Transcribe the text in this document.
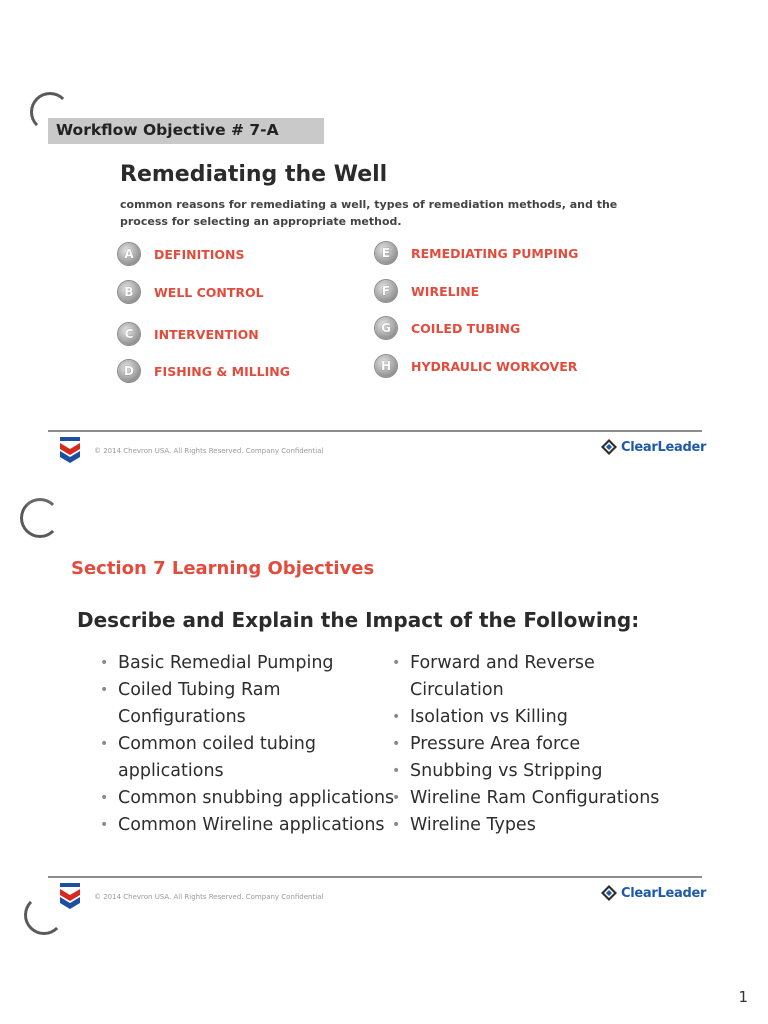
Workflow Objective # 7-A
Remediating the Well
common reasons for remediating a well, types of remediation methods, and the process for selecting an appropriate method.
A	DEFINITIONS
B	WELL CONTROL
C	INTERVENTION
D	FISHING & MILLING
E	REMEDIATING PUMPING
F	WIRELINE
G	COILED TUBING
H	HYDRAULIC WORKOVER
© 2014 Chevron USA. All Rights Reserved. Company Confidential	ClearLeader
Section 7 Learning Objectives
Describe and Explain the Impact of the Following:
• Basic Remedial Pumping
• Coiled Tubing Ram
Configurations
• Common coiled tubing
applications
• Common snubbing applications
• Common Wireline applications
• Forward and Reverse
Circulation
• Isolation vs Killing
• Pressure Area force
• Snubbing vs Stripping
• Wireline Ram Configurations
• Wireline Types
© 2014 Chevron USA. All Rights Reserved. Company Confidential	ClearLeader
1
